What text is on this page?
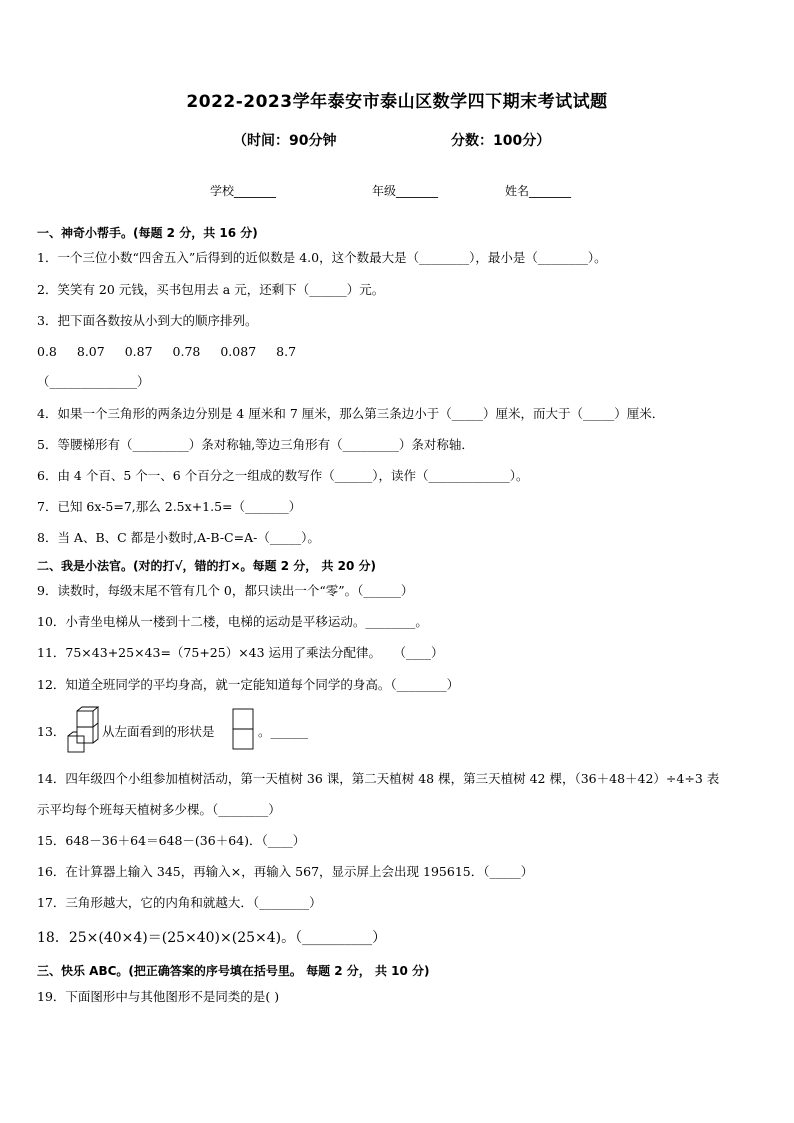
2022-2023学年泰安市泰山区数学四下期末考试试题
（时间：90分钟	分数：100分）
学校_______	年级_______	姓名_______
一、神奇小帮手。(每题 2 分，共 16 分)
1．一个三位小数“四舍五入”后得到的近似数是 4.0，这个数最大是（________），最小是（________）。
2．笑笑有 20 元钱，买书包用去 a 元，还剩下（______）元。
3．把下面各数按从小到大的顺序排列。
0.8 8.07 0.87 0.78 0.087 8.7
（______________）
4．如果一个三角形的两条边分别是 4 厘米和 7 厘米，那么第三条边小于（_____）厘米，而大于（_____）厘米．
5．等腰梯形有（_________）条对称轴,等边三角形有（_________）条对称轴．
6．由 4 个百、5 个一、6 个百分之一组成的数写作（______），读作（_____________）。
7．已知 6x-5=7,那么 2.5x+1.5=（_______）
8．当 A、B、C 都是小数时,A-B-C=A-（_____）。
二、我是小法官。(对的打√，错的打×。每题 2 分， 共 20 分)
9．读数时，每级末尾不管有几个 0，都只读出一个“零”。（______）
10．小青坐电梯从一楼到十二楼，电梯的运动是平移运动。________。
11．75×43+25×43=（75+25）×43 运用了乘法分配律。　　（____）
12．知道全班同学的平均身高，就一定能知道每个同学的身高。（________）
13．	从左面看到的形状是	。______
14．四年级四个小组参加植树活动，第一天植树 36 课，第二天植树 48 棵，第三天植树 42 棵，（36＋48＋42）÷4÷3 表
示平均每个班每天植树多少棵。（________）
15．648－36＋64＝648－(36＋64)．（____）
16．在计算器上输入 345，再输入×，再输入 567，显示屏上会出现 195615．（_____）
17．三角形越大，它的内角和就越大．（________）
18．25×(40×4)＝(25×40)×(25×4)。（__________）
三、快乐 ABC。(把正确答案的序号填在括号里。 每题 2 分， 共 10 分)
19．下面图形中与其他图形不是同类的是( )
